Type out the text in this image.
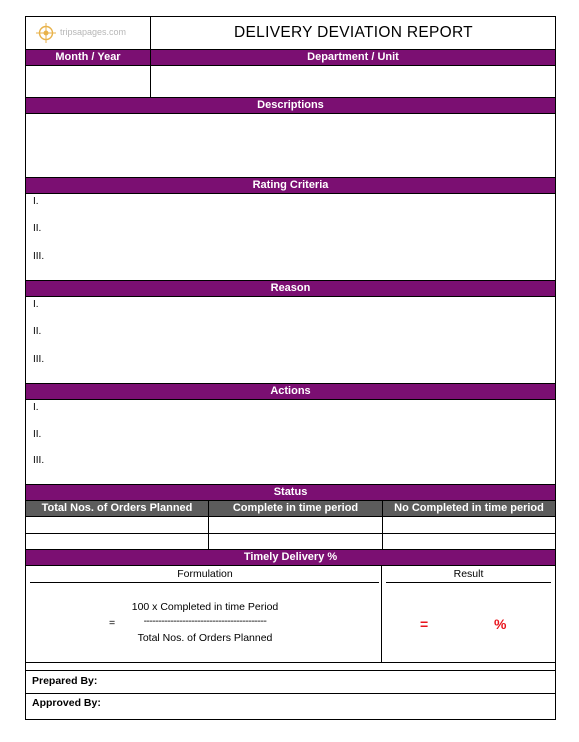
tripsapages.com	DELIVERY DEVIATION REPORT
Month / Year	Department / Unit
Descriptions
Rating Criteria
I.
II.
III.
Reason
I.
II.
III.
Actions
I.
II.
III.
Status
Total Nos. of Orders Planned	Complete in time period	No Completed in time period
Timely Delivery %
Formulation	Result
=
100 x Completed in time Period
-----------------------------------------
Total Nos. of Orders Planned
=	%
Prepared By:
Approved By:
